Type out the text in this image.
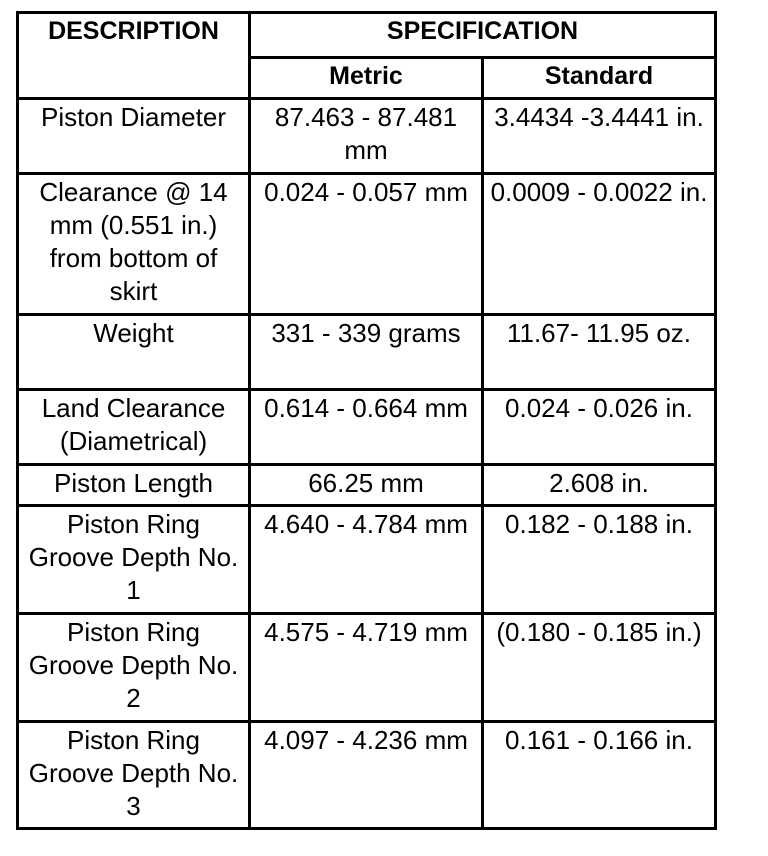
DESCRIPTION	SPECIFICATION	
	Metric	Standard
Piston Diameter	87.463 - 87.481 mm	3.4434 -3.4441 in.
Clearance @ 14 mm (0.551 in.) from bottom of skirt	0.024 - 0.057 mm	0.0009 - 0.0022 in.
Weight	331 - 339 grams	11.67- 11.95 oz.
Land Clearance (Diametrical)	0.614 - 0.664 mm	0.024 - 0.026 in.
Piston Length	66.25 mm	2.608 in.
Piston Ring Groove Depth No. 1	4.640 - 4.784 mm	0.182 - 0.188 in.
Piston Ring Groove Depth No. 2	4.575 - 4.719 mm	(0.180 - 0.185 in.)
Piston Ring Groove Depth No. 3	4.097 - 4.236 mm	0.161 - 0.166 in.
